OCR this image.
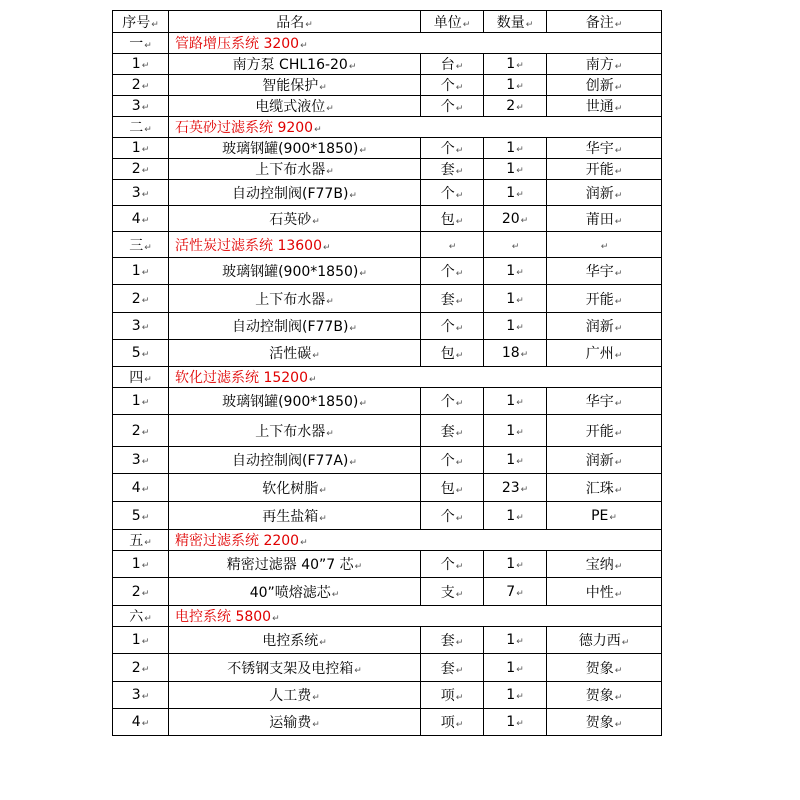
序号 ↵	品名 ↵	单位 ↵	数量 ↵	备注 ↵
一 ↵	管路增压系统 3200 ↵
1 ↵	南方泵 CHL16-20 ↵	台 ↵	1 ↵	南方 ↵
2 ↵	智能保护 ↵	个 ↵	1 ↵	创新 ↵
3 ↵	电缆式液位 ↵	个 ↵	2 ↵	世通 ↵
二 ↵	石英砂过滤系统 9200 ↵
1 ↵	玻璃钢罐(900*1850) ↵	个 ↵	1 ↵	华宇 ↵
2 ↵	上下布水器 ↵	套 ↵	1 ↵	开能 ↵
3 ↵	自动控制阀(F77B) ↵	个 ↵	1 ↵	润新 ↵
4 ↵	石英砂 ↵	包 ↵	20 ↵	莆田 ↵
三 ↵	活性炭过滤系统 13600 ↵	↵	↵	↵
1 ↵	玻璃钢罐(900*1850) ↵	个 ↵	1 ↵	华宇 ↵
2 ↵	上下布水器 ↵	套 ↵	1 ↵	开能 ↵
3 ↵	自动控制阀(F77B) ↵	个 ↵	1 ↵	润新 ↵
5 ↵	活性碳 ↵	包 ↵	18 ↵	广州 ↵
四 ↵	软化过滤系统 15200 ↵
1 ↵	玻璃钢罐(900*1850) ↵	个 ↵	1 ↵	华宇 ↵
2 ↵	上下布水器 ↵	套 ↵	1 ↵	开能 ↵
3 ↵	自动控制阀(F77A) ↵	个 ↵	1 ↵	润新 ↵
4 ↵	软化树脂 ↵	包 ↵	23 ↵	汇珠 ↵
5 ↵	再生盐箱 ↵	个 ↵	1 ↵	PE ↵
五 ↵	精密过滤系统 2200 ↵
1 ↵	精密过滤器 40”7 芯 ↵	个 ↵	1 ↵	宝纳 ↵
2 ↵	40”喷熔滤芯 ↵	支 ↵	7 ↵	中性 ↵
六 ↵	电控系统 5800 ↵
1 ↵	电控系统 ↵	套 ↵	1 ↵	德力西 ↵
2 ↵	不锈钢支架及电控箱 ↵	套 ↵	1 ↵	贺象 ↵
3 ↵	人工费 ↵	项 ↵	1 ↵	贺象 ↵
4 ↵	运输费 ↵	项 ↵	1 ↵	贺象 ↵
